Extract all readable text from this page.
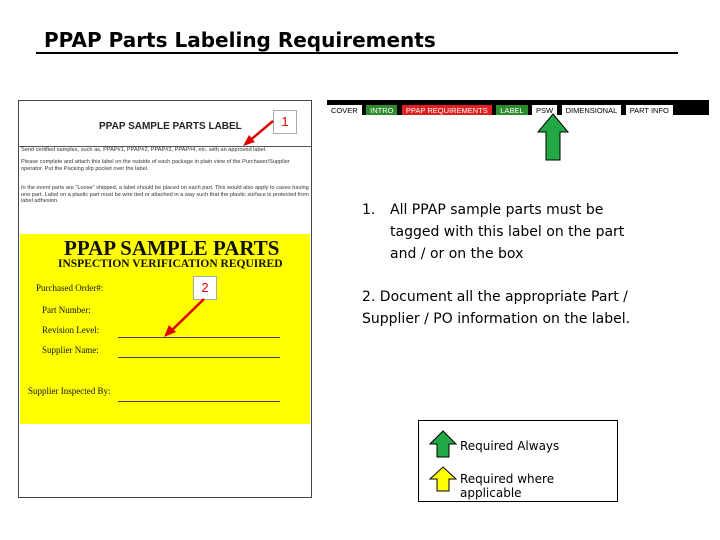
PPAP Parts Labeling Requirements
PPAP SAMPLE PARTS LABEL
Send certified samples, such as, PPAP#1, PPAP#2, PPAP#3, PPAP#4, etc. with an approved label.
Please complete and attach this label on the outside of each package in plain view of the Purchaser/Supplier operator. Put the Packing slip pocket over the label.
In the event parts are "Loose" shipped, a label should be placed on each part. This would also apply to cases having one part. Label on a plastic part must be wire tied or attached in a way such that the plastic surface is protected from label adhesion.
PPAP SAMPLE PARTS
INSPECTION VERIFICATION REQUIRED
Purchased Order#:
Part Number:
Revision Level:
Supplier Name:
Supplier Inspected By:
1
2
COVER INTRO PPAP REQUIREMENTS LABEL PSW DIMENSIONAL PART INFO
1. All PPAP sample parts must be
tagged with this label on the part
and / or on the box
2. Document all the appropriate Part /
Supplier / PO information on the label.
Required Always
Required where applicable
